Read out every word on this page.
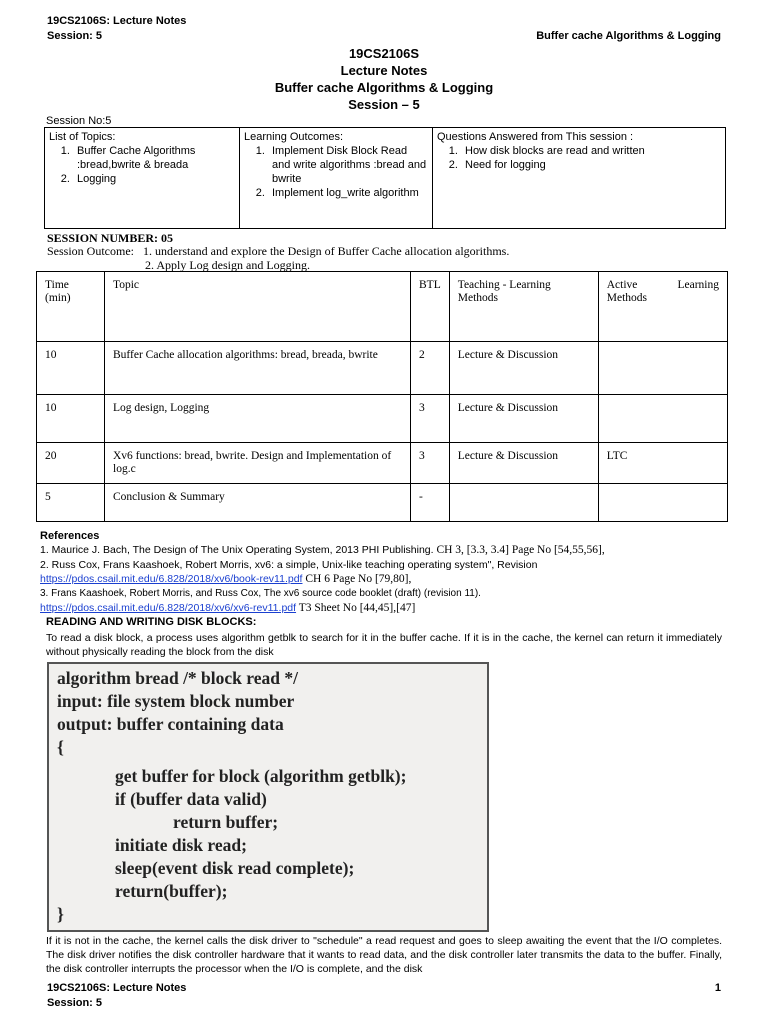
19CS2106S: Lecture Notes
Session: 5	Buffer cache Algorithms & Logging
19CS2106S
Lecture Notes
Buffer cache Algorithms & Logging
Session – 5
Session No:5
List of Topics:
1. Buffer Cache Algorithms :bread,bwrite & breada
2. Logging

Learning Outcomes:
1. Implement Disk Block Read and write algorithms :bread and bwrite
2. Implement log_write algorithm

Questions Answered from This session :
1. How disk blocks are read and written
2. Need for logging
SESSION NUMBER: 05
Session Outcome: 1. understand and explore the Design of Buffer Cache allocation algorithms.
2. Apply Log design and Logging.
Time (min)	Topic	BTL	Teaching - Learning Methods	Active Learning Methods
10	Buffer Cache allocation algorithms: bread, breada, bwrite	2	Lecture & Discussion	
10	Log design, Logging	3	Lecture & Discussion	
20	Xv6 functions: bread, bwrite. Design and Implementation of log.c	3	Lecture & Discussion	LTC
5	Conclusion & Summary	-		
References
1. Maurice J. Bach, The Design of The Unix Operating System, 2013 PHI Publishing. CH 3, [3.3, 3.4] Page No [54,55,56],
2. Russ Cox, Frans Kaashoek, Robert Morris, xv6: a simple, Unix-like teaching operating system", Revision
https://pdos.csail.mit.edu/6.828/2018/xv6/book-rev11.pdf CH 6 Page No [79,80],
3. Frans Kaashoek, Robert Morris, and Russ Cox, The xv6 source code booklet (draft) (revision 11).
https://pdos.csail.mit.edu/6.828/2018/xv6/xv6-rev11.pdf T3 Sheet No [44,45],[47]
READING AND WRITING DISK BLOCKS:
To read a disk block, a process uses algorithm getblk to search for it in the buffer cache. If it is in the cache, the kernel can return it immediately without physically reading the block from the disk
algorithm bread /* block read */
input: file system block number
output: buffer containing data
{
get buffer for block (algorithm getblk);
if (buffer data valid)
return buffer;
initiate disk read;
sleep(event disk read complete);
return(buffer);
}
If it is not in the cache, the kernel calls the disk driver to "schedule" a read request and goes to sleep awaiting the event that the I/O completes. The disk driver notifies the disk controller hardware that it wants to read data, and the disk controller later transmits the data to the buffer. Finally, the disk controller interrupts the processor when the I/O is complete, and the disk
19CS2106S: Lecture Notes
Session: 5
1
